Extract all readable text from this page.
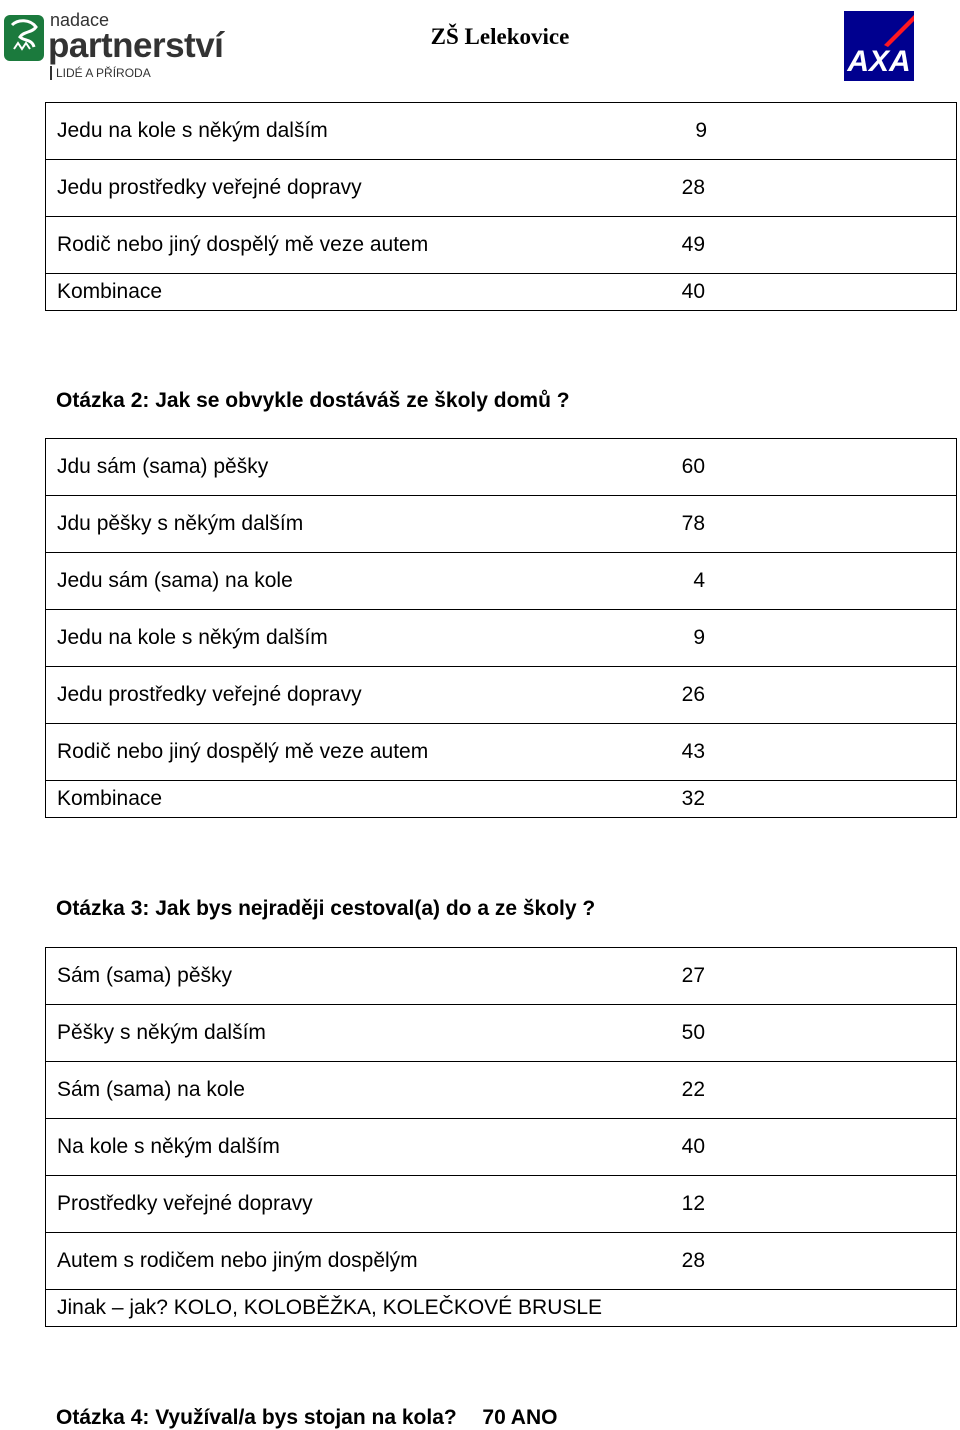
nadace
partnerství
LIDÉ A PŘÍRODA
ZŠ Lelekovice
AXA
Jedu na kole s někým dalším	9

Jedu prostředky veřejné dopravy	28

Rodič nebo jiný dospělý mě veze autem	49

Kombinace	40
Otázka 2: Jak se obvykle dostáváš ze školy domů ?
Jdu sám (sama) pěšky	60

Jdu pěšky s někým dalším	78

Jedu sám (sama) na kole	4

Jedu na kole s někým dalším	9

Jedu prostředky veřejné dopravy	26

Rodič nebo jiný dospělý mě veze autem	43

Kombinace	32
Otázka 3: Jak bys nejraději cestoval(a) do a ze školy ?
Sám (sama) pěšky	27

Pěšky s někým dalším	50

Sám (sama) na kole	22

Na kole s někým dalším	40

Prostředky veřejné dopravy	12

Autem s rodičem nebo jiným dospělým	28

Jinak – jak? KOLO, KOLOBĚŽKA, KOLEČKOVÉ BRUSLE	
Otázka 4: Využíval/a bys stojan na kola? 70 ANO
